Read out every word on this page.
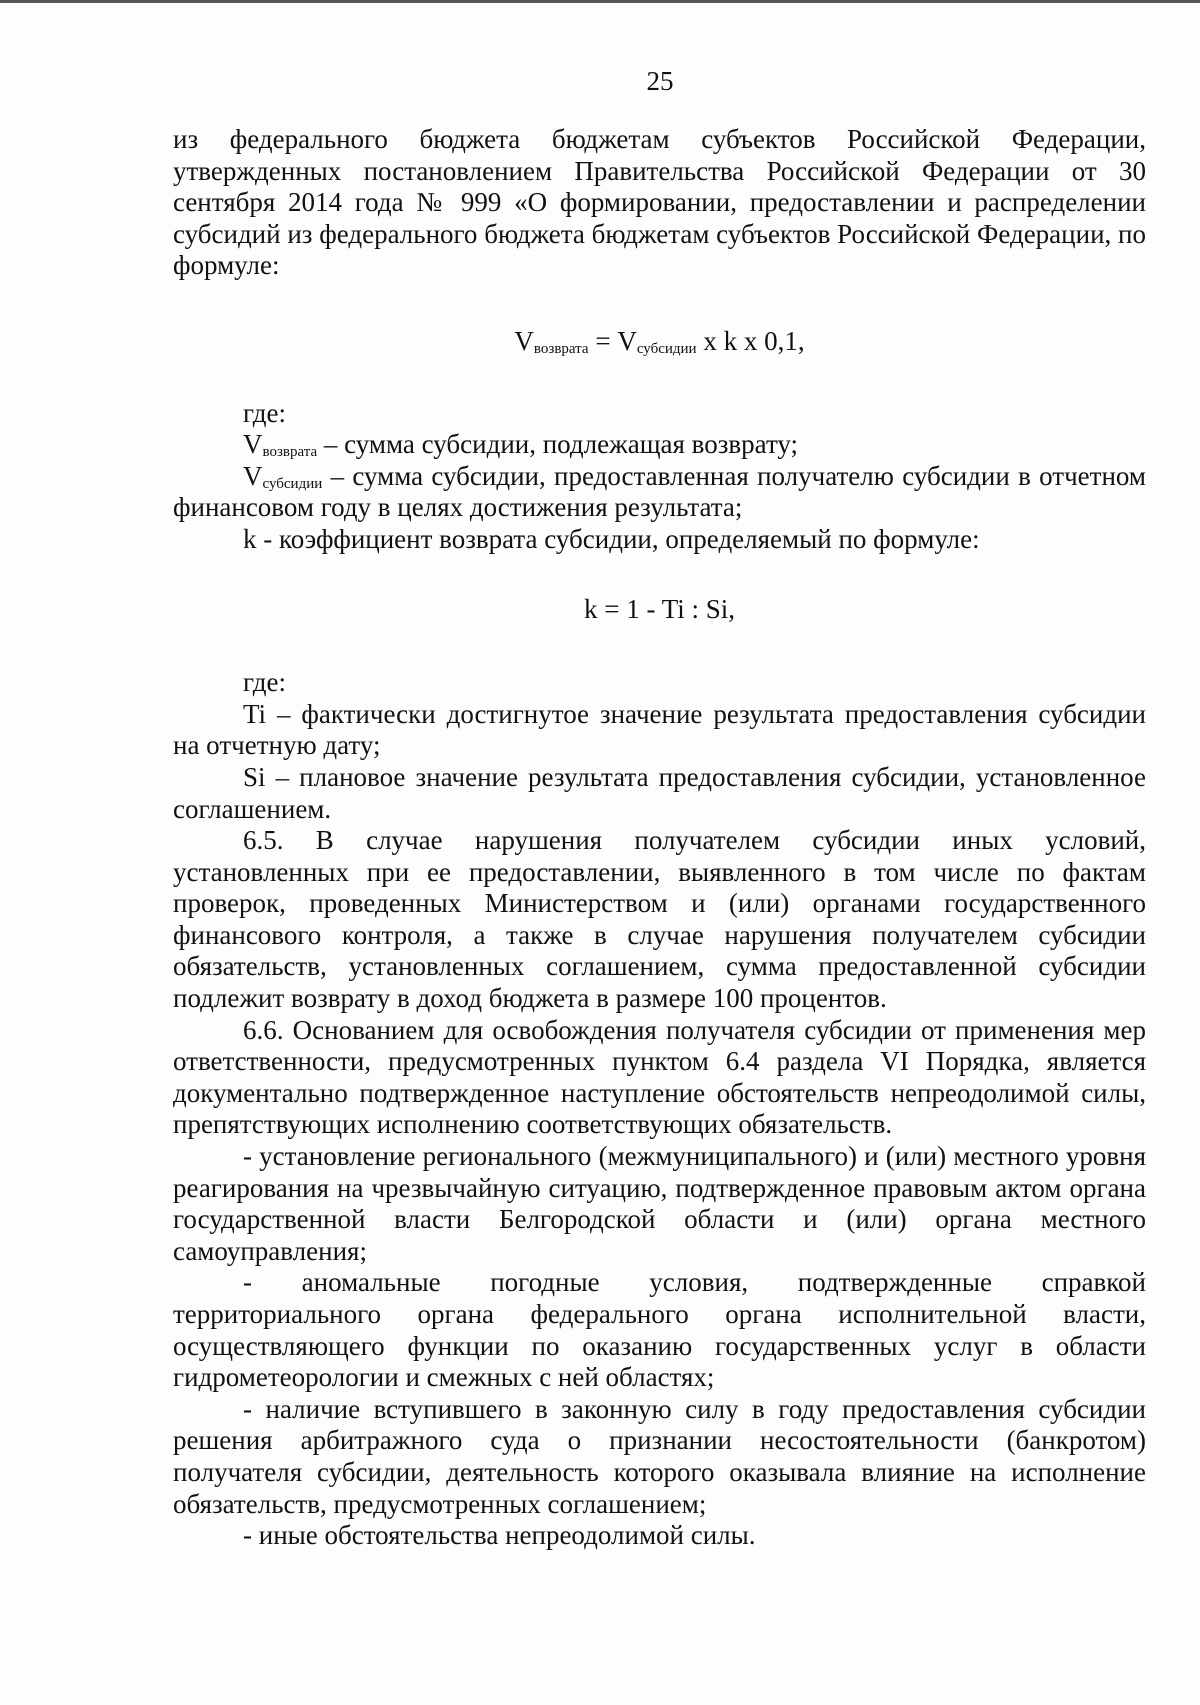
25

из федерального бюджета бюджетам субъектов Российской Федерации, утвержденных постановлением Правительства Российской Федерации от 30 сентября 2014 года № 999 «О формировании, предоставлении и распределении субсидий из федерального бюджета бюджетам субъектов Российской Федерации, по формуле:

$V_{возврата} = V_{субсидии}$ x k x 0,1,

где:

$V_{возврата}$ – сумма субсидии, подлежащая возврату;

$V_{субсидии}$ – сумма субсидии, предоставленная получателю субсидии в отчетном финансовом году в целях достижения результата;

k - коэффициент возврата субсидии, определяемый по формуле:

k = 1 - Ti : Si,

где:

Ti – фактически достигнутое значение результата предоставления субсидии на отчетную дату;

Si – плановое значение результата предоставления субсидии, установленное соглашением.

6.5. В случае нарушения получателем субсидии иных условий, установленных при ее предоставлении, выявленного в том числе по фактам проверок, проведенных Министерством и (или) органами государственного финансового контроля, а также в случае нарушения получателем субсидии обязательств, установленных соглашением, сумма предоставленной субсидии подлежит возврату в доход бюджета в размере 100 процентов.

6.6. Основанием для освобождения получателя субсидии от применения мер ответственности, предусмотренных пунктом 6.4 раздела VI Порядка, является документально подтвержденное наступление обстоятельств непреодолимой силы, препятствующих исполнению соответствующих обязательств.

- установление регионального (межмуниципального) и (или) местного уровня реагирования на чрезвычайную ситуацию, подтвержденное правовым актом органа государственной власти Белгородской области и (или) органа местного самоуправления;

- аномальные погодные условия, подтвержденные справкой территориального органа федерального органа исполнительной власти, осуществляющего функции по оказанию государственных услуг в области гидрометеорологии и смежных с ней областях;

- наличие вступившего в законную силу в году предоставления субсидии решения арбитражного суда о признании несостоятельности (банкротом) получателя субсидии, деятельность которого оказывала влияние на исполнение обязательств, предусмотренных соглашением;

- иные обстоятельства непреодолимой силы.
